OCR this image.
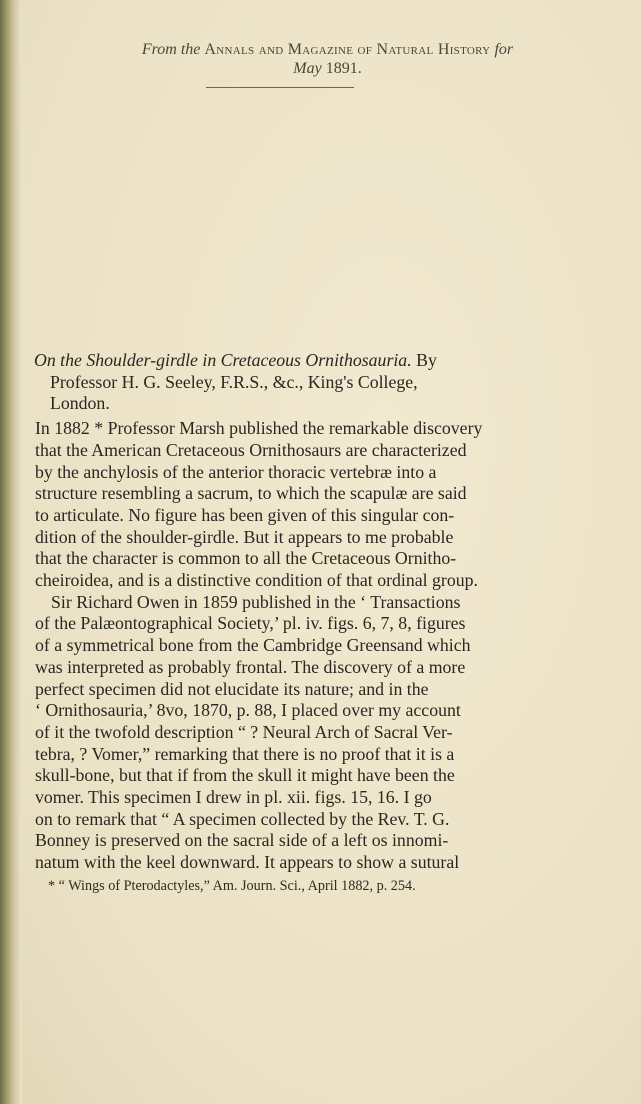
From the Annals and Magazine of Natural History for
May 1891.
On the Shoulder-girdle in Cretaceous Ornithosauria. By
Professor H. G. Seeley, F.R.S., &c., King's College,
London.
In 1882 * Professor Marsh published the remarkable discovery
that the American Cretaceous Ornithosaurs are characterized
by the anchylosis of the anterior thoracic vertebræ into a
structure resembling a sacrum, to which the scapulæ are said
to articulate. No figure has been given of this singular con-
dition of the shoulder-girdle. But it appears to me probable
that the character is common to all the Cretaceous Ornitho-
cheiroidea, and is a distinctive condition of that ordinal group.
Sir Richard Owen in 1859 published in the ‘ Transactions
of the Palæontographical Society,’ pl. iv. figs. 6, 7, 8, figures
of a symmetrical bone from the Cambridge Greensand which
was interpreted as probably frontal. The discovery of a more
perfect specimen did not elucidate its nature; and in the
‘ Ornithosauria,’ 8vo, 1870, p. 88, I placed over my account
of it the twofold description “ ? Neural Arch of Sacral Ver-
tebra, ? Vomer,” remarking that there is no proof that it is a
skull-bone, but that if from the skull it might have been the
vomer. This specimen I drew in pl. xii. figs. 15, 16. I go
on to remark that “ A specimen collected by the Rev. T. G.
Bonney is preserved on the sacral side of a left os innomi-
natum with the keel downward. It appears to show a sutural
* “ Wings of Pterodactyles,” Am. Journ. Sci., April 1882, p. 254.
